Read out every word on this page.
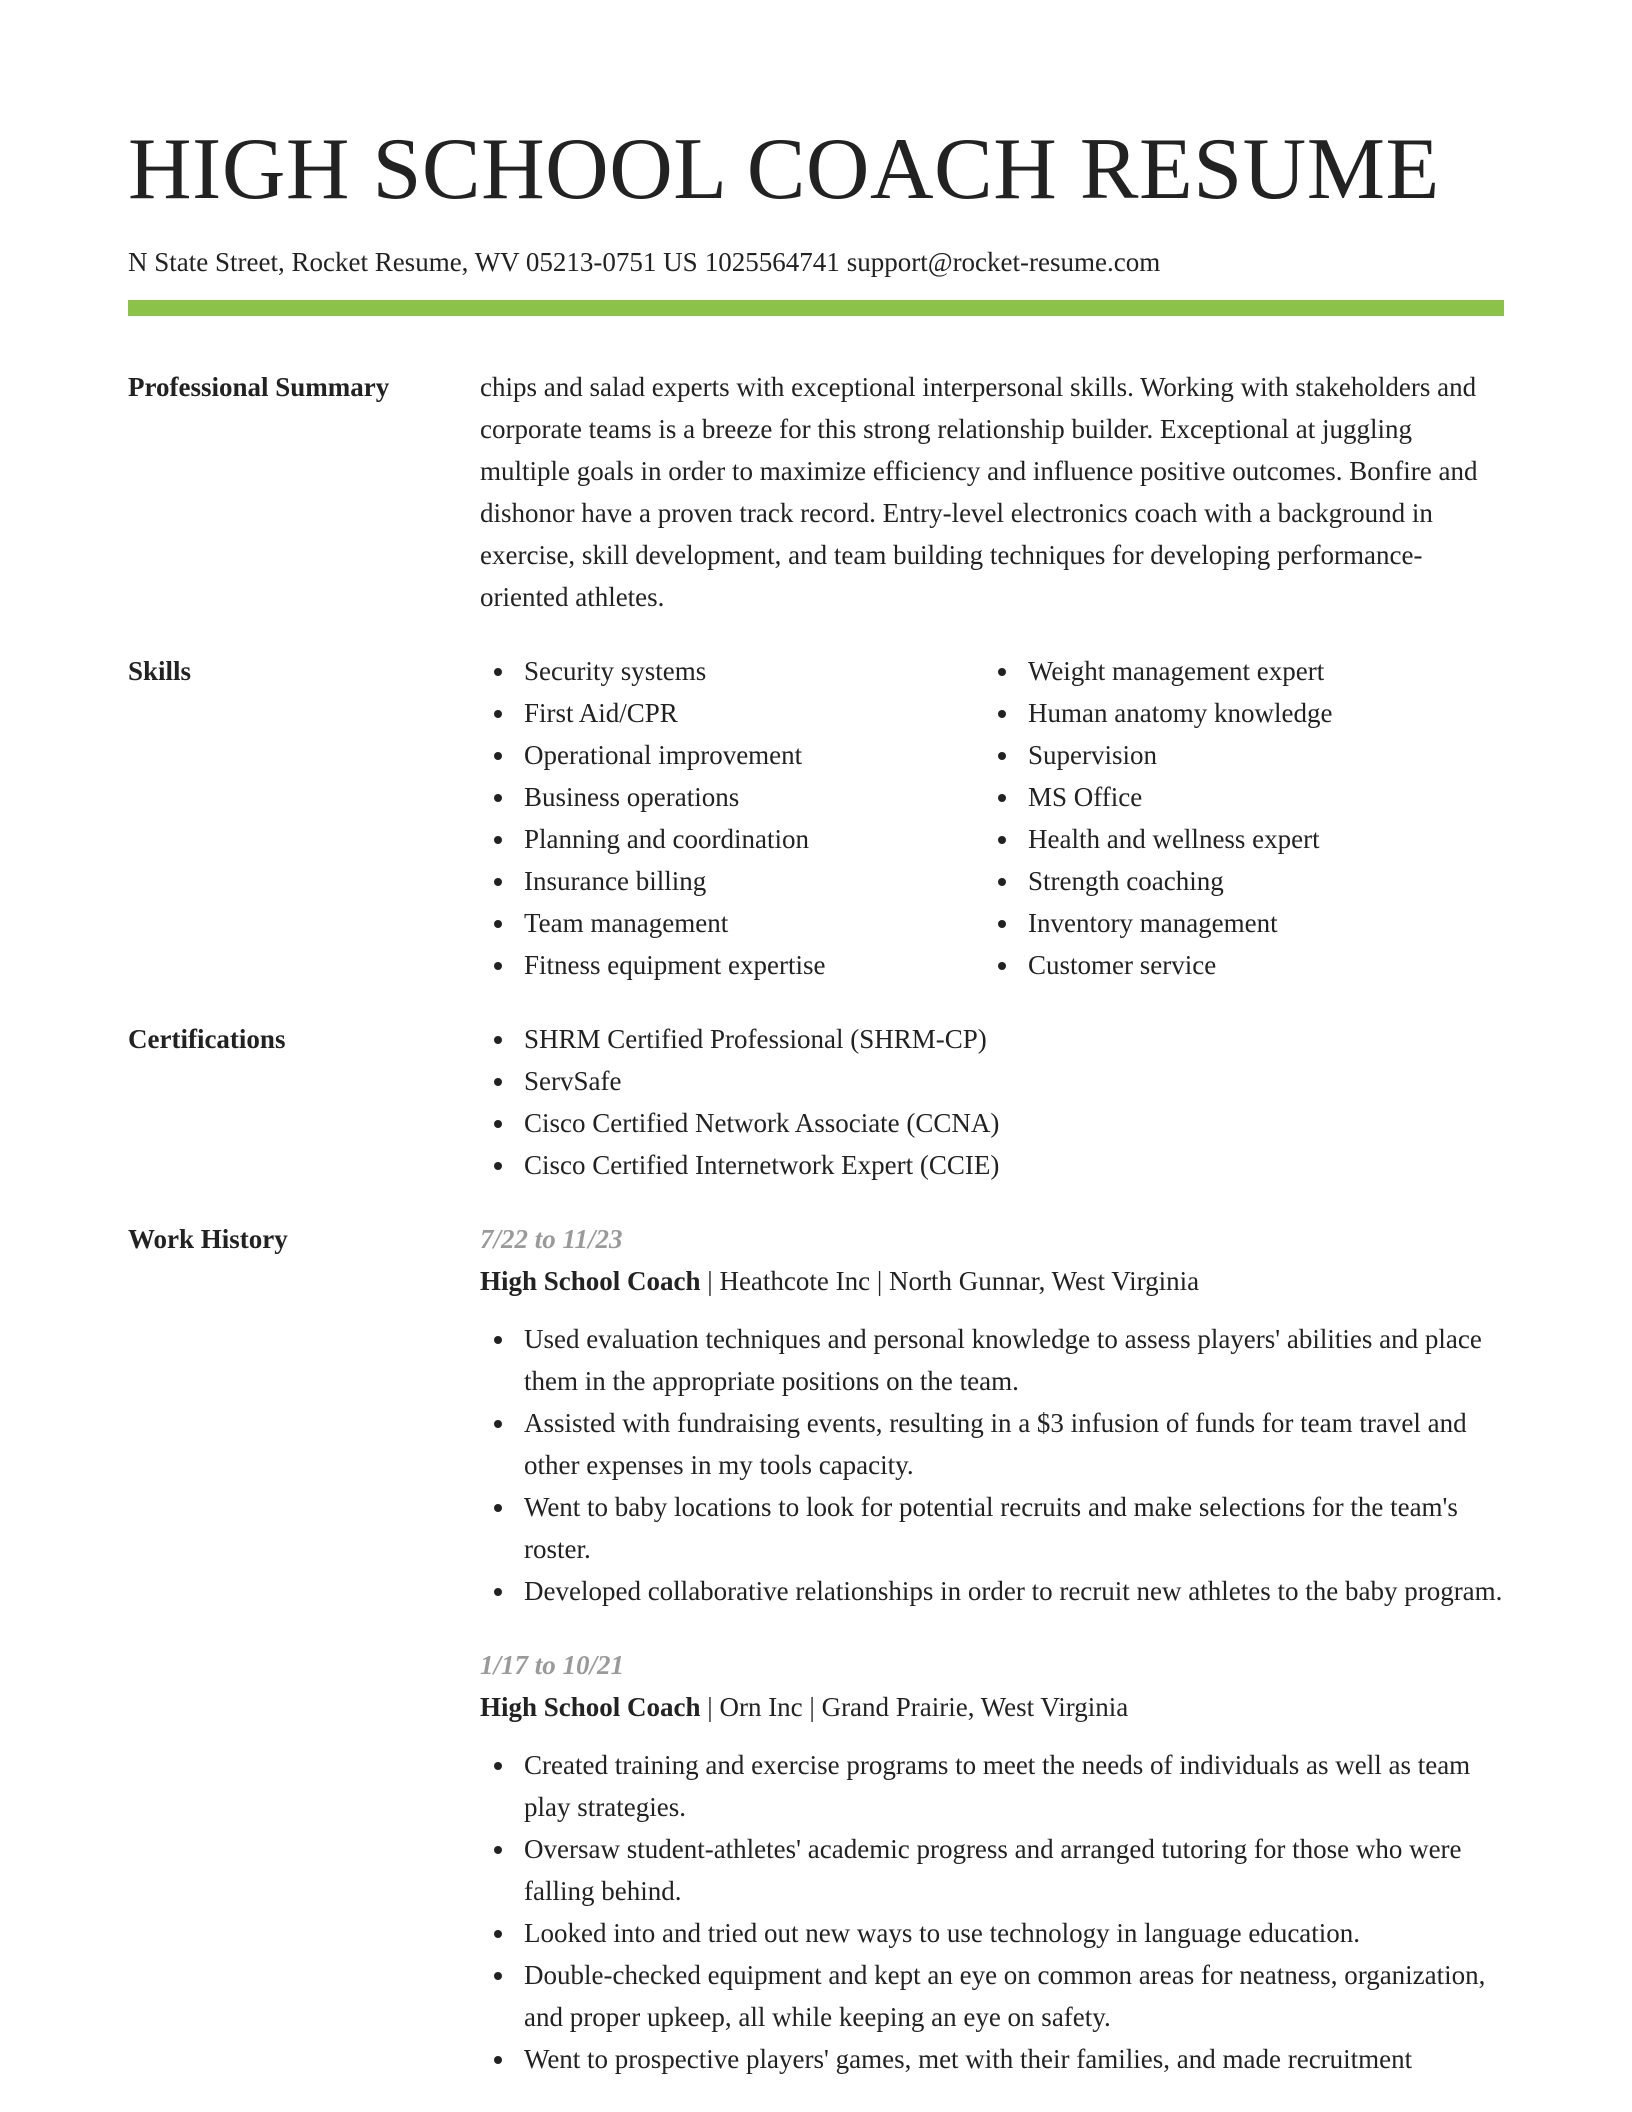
HIGH SCHOOL COACH RESUME
N State Street, Rocket Resume, WV 05213-0751 US 1025564741 support@rocket-resume.com
Professional Summary	chips and salad experts with exceptional interpersonal skills. Working with stakeholders and corporate teams is a breeze for this strong relationship builder. Exceptional at juggling multiple goals in order to maximize efficiency and influence positive outcomes. Bonfire and dishonor have a proven track record. Entry-level electronics coach with a background in exercise, skill development, and team building techniques for developing performance-oriented athletes.

Skills	Security systems
First Aid/CPR
Operational improvement
Business operations
Planning and coordination
Insurance billing
Team management
Fitness equipment expertise
Weight management expert
Human anatomy knowledge
Supervision
MS Office
Health and wellness expert
Strength coaching
Inventory management
Customer service
Certifications	SHRM Certified Professional (SHRM-CP)
ServSafe
Cisco Certified Network Associate (CCNA)
Cisco Certified Internetwork Expert (CCIE)
Work History	7/22 to 11/23
High School Coach | Heathcote Inc | North Gunnar, West Virginia
Used evaluation techniques and personal knowledge to assess players' abilities and place them in the appropriate positions on the team.
Assisted with fundraising events, resulting in a $3 infusion of funds for team travel and other expenses in my tools capacity.
Went to baby locations to look for potential recruits and make selections for the team's roster.
Developed collaborative relationships in order to recruit new athletes to the baby program.
1/17 to 10/21
High School Coach | Orn Inc | Grand Prairie, West Virginia
Created training and exercise programs to meet the needs of individuals as well as team play strategies.
Oversaw student-athletes' academic progress and arranged tutoring for those who were falling behind.
Looked into and tried out new ways to use technology in language education.
Double-checked equipment and kept an eye on common areas for neatness, organization, and proper upkeep, all while keeping an eye on safety.
Went to prospective players' games, met with their families, and made recruitment
